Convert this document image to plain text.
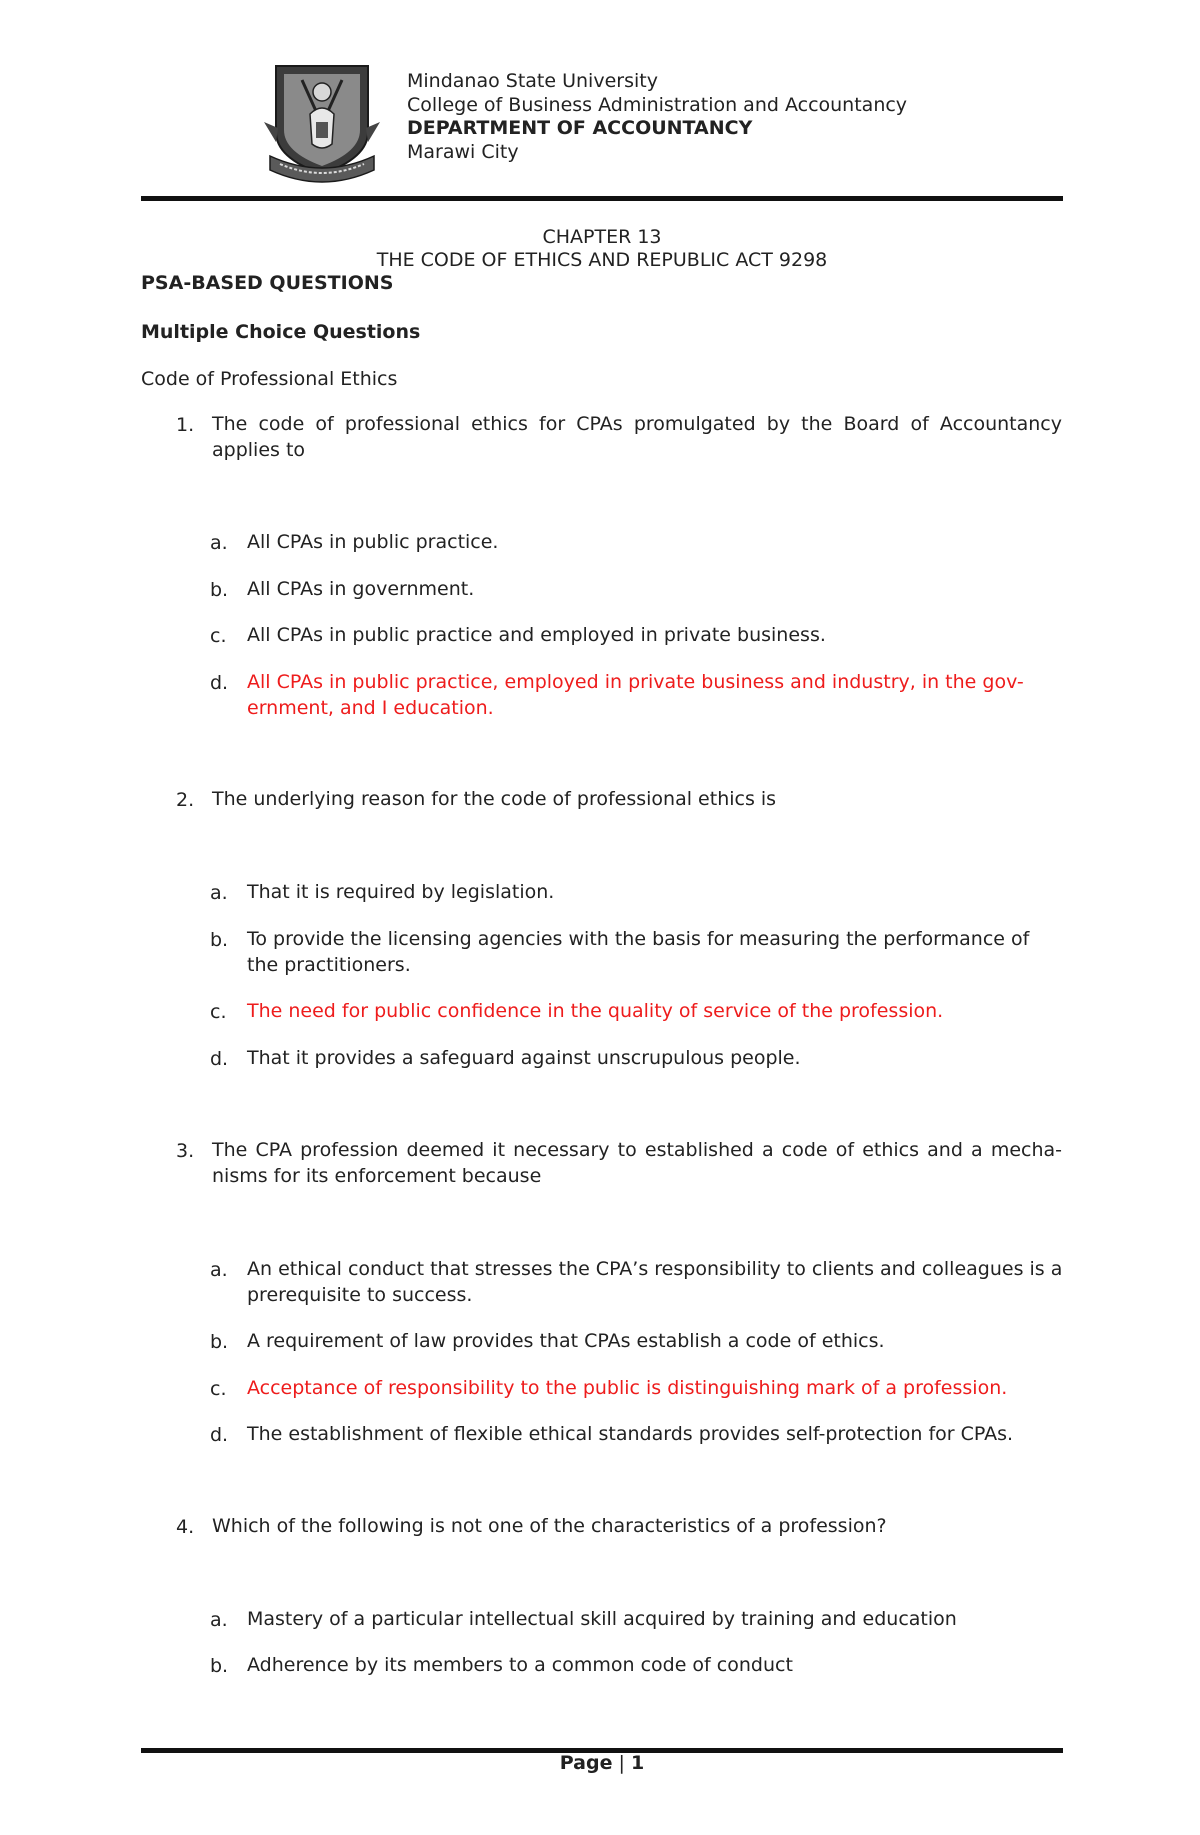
Mindanao State University
College of Business Administration and Accountancy
DEPARTMENT OF ACCOUNTANCY
Marawi City
CHAPTER 13
THE CODE OF ETHICS AND REPUBLIC ACT 9298
PSA-BASED QUESTIONS
Multiple Choice Questions
Code of Professional Ethics
1. The code of professional ethics for CPAs promulgated by the Board of Accountancy applies to
a. All CPAs in public practice.
b. All CPAs in government.
c. All CPAs in public practice and employed in private business.
d. All CPAs in public practice, employed in private business and industry, in the gov-ernment, and I education.
2. The underlying reason for the code of professional ethics is
a. That it is required by legislation.
b. To provide the licensing agencies with the basis for measuring the performance of the practitioners.
c. The need for public confidence in the quality of service of the profession.
d. That it provides a safeguard against unscrupulous people.
3. The CPA profession deemed it necessary to established a code of ethics and a mecha-nisms for its enforcement because
a. An ethical conduct that stresses the CPA’s responsibility to clients and colleagues is a prerequisite to success.
b. A requirement of law provides that CPAs establish a code of ethics.
c. Acceptance of responsibility to the public is distinguishing mark of a profession.
d. The establishment of flexible ethical standards provides self-protection for CPAs.
4. Which of the following is not one of the characteristics of a profession?
a. Mastery of a particular intellectual skill acquired by training and education
b. Adherence by its members to a common code of conduct
Page | 1
